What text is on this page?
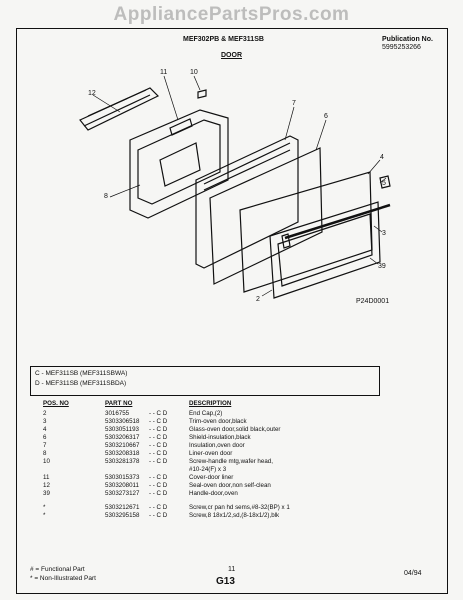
AppliancePartsPros.com
MEF302PB & MEF311SB
DOOR
Publication No.
5995253266
12
11	10
7
6
8
4
5
3
39
2	P24D0001
C - MEF311SB (MEF311SBWA)
D - MEF311SB (MEF311SBDA)
POS. NO	PART NO		DESCRIPTION
2	3016755	- - C D	End Cap,(2)
3	5303306518	- - C D	Trim-oven door,black
4	5303051193	- - C D	Glass-oven door,solid black,outer
6	5303206317	- - C D	Shield-insulation,black
7	5303210667	- - C D	Insulation,oven door
8	5303208318	- - C D	Liner-oven door
10	5303281378	- - C D	Screw-handle mtg,wafer head,
			#10-24(F) x 3
11	5303015373	- - C D	Cover-door liner
12	5303208011	- - C D	Seal-oven door,non self-clean
39	5303273127	- - C D	Handle-door,oven
*	5303212671	- - C D	Screw,cr pan hd sems,#8-32(BP) x 1
*	5303295158	- - C D	Screw,8 18x1/2,sd,(8-18x1/2),blk
# = Functional Part
* = Non-Illustrated Part
11
G13
04/94
